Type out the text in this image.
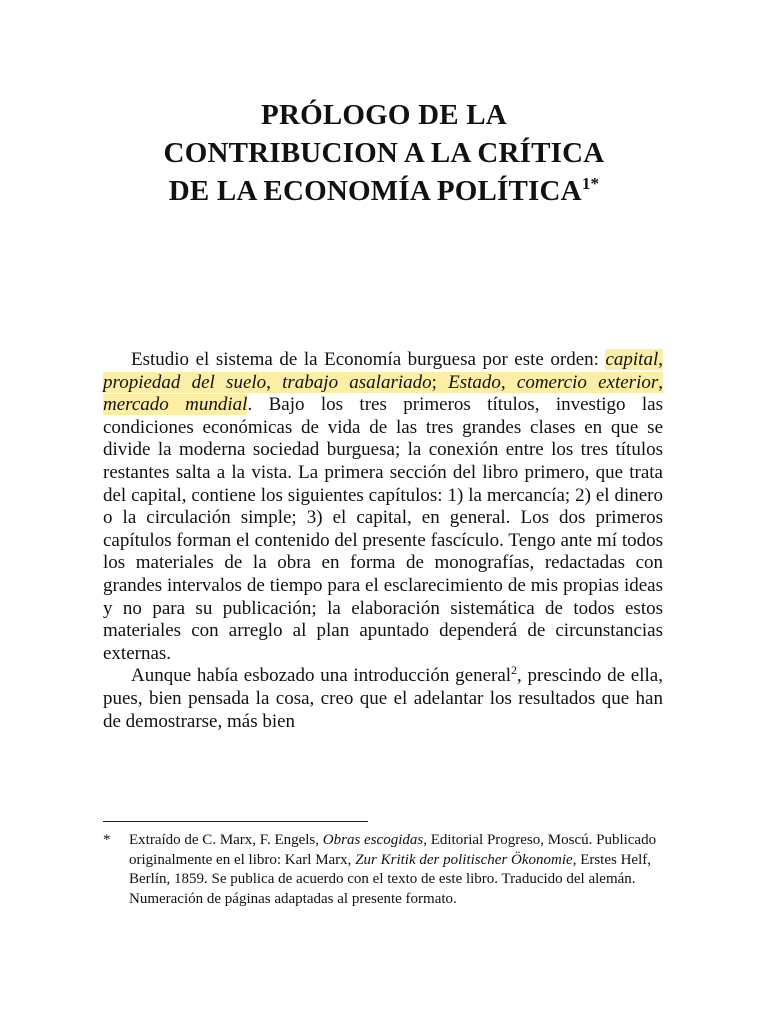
PRÓLOGO DE LA
CONTRIBUCION A LA CRÍTICA
DE LA ECONOMÍA $POLÍTICA^{1*}$

Estudio el sistema de la Economía burguesa por este orden: capital, propiedad del suelo, trabajo asalariado; Estado, comercio exterior, mercado mundial. Bajo los tres primeros títulos, investigo las condiciones económicas de vida de las tres grandes clases en que se divide la moderna sociedad burguesa; la conexión entre los tres títulos restantes salta a la vista. La primera sección del libro primero, que trata del capital, contiene los siguientes capítulos: 1) la mercancía; 2) el dinero o la circulación simple; 3) el capital, en general. Los dos primeros capítulos forman el contenido del presente fascículo. Tengo ante mí todos los materiales de la obra en forma de monografías, redactadas con grandes intervalos de tiempo para el esclarecimiento de mis propias ideas y no para su publicación; la elaboración sistemática de todos estos materiales con arreglo al plan apuntado dependerá de circunstancias externas.

Aunque había esbozado una introducción general$^2$, prescindo de ella, pues, bien pensada la cosa, creo que el adelantar los resultados que han de demostrarse, más bien

* Extraído de C. Marx, F. Engels, Obras escogidas, Editorial Progreso, Moscú. Publicado originalmente en el libro: Karl Marx, Zur Kritik der politischer Ökonomie, Erstes Helf, Berlín, 1859. Se publica de acuerdo con el texto de este libro. Traducido del alemán. Numeración de páginas adaptadas al presente formato.
